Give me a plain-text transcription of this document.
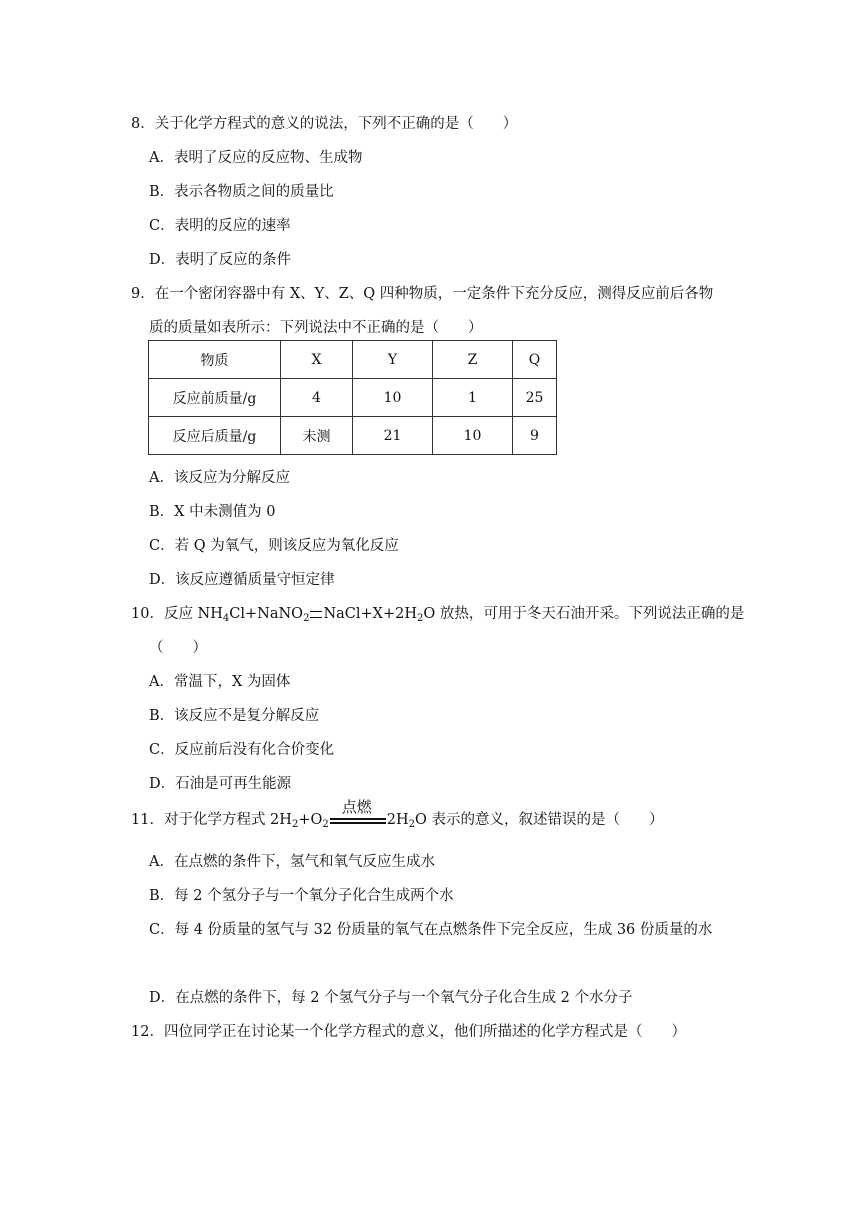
8．关于化学方程式的意义的说法，下列不正确的是（　　）
A．表明了反应的反应物、生成物
B．表示各物质之间的质量比
C．表明的反应的速率
D．表明了反应的条件
9．在一个密闭容器中有 X、Y、Z、Q 四种物质，一定条件下充分反应，测得反应前后各物
质的质量如表所示：下列说法中不正确的是（　　）
物质	X	Y	Z	Q
反应前质量/g	4	10	1	25
反应后质量/g	未测	21	10	9
A．该反应为分解反应
B．X 中未测值为 0
C．若 Q 为氧气，则该反应为氧化反应
D．该反应遵循质量守恒定律
10．反应 $NH_4Cl+NaNO_2$ $NaCl+X+2H_2O$ 放热，可用于冬天石油开采。下列说法正确的是
（　　）
A．常温下，X 为固体
B．该反应不是复分解反应
C．反应前后没有化合价变化
D．石油是可再生能源
11．对于化学方程式 $2H_2+O_2$
点燃
$2H_2O$ 表示的意义，叙述错误的是（　　）
A．在点燃的条件下，氢气和氧气反应生成水
B．每 2 个氢分子与一个氧分子化合生成两个水
C．每 4 份质量的氢气与 32 份质量的氧气在点燃条件下完全反应，生成 36 份质量的水
D．在点燃的条件下，每 2 个氢气分子与一个氧气分子化合生成 2 个水分子
12．四位同学正在讨论某一个化学方程式的意义，他们所描述的化学方程式是（　　）
